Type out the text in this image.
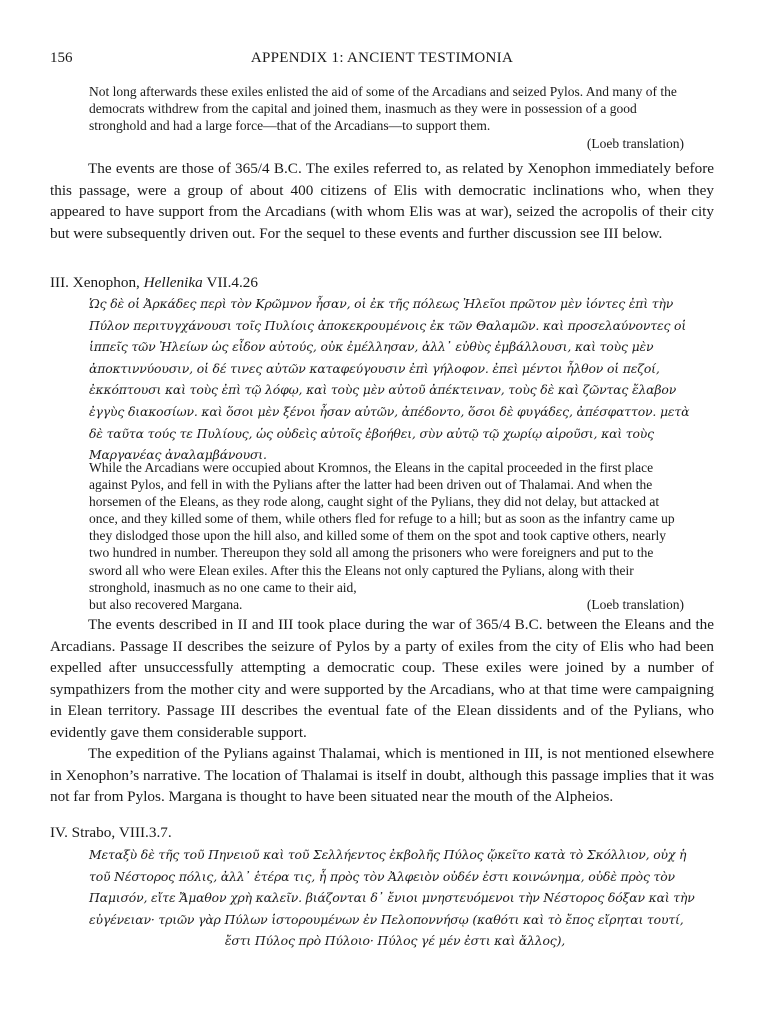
156	APPENDIX 1: ANCIENT TESTIMONIA
Not long afterwards these exiles enlisted the aid of some of the Arcadians and seized Pylos. And many of the democrats withdrew from the capital and joined them, inasmuch as they were in possession of a good stronghold and had a large force—that of the Arcadians—to support them.
(Loeb translation)

The events are those of 365/4 B.C. The exiles referred to, as related by Xenophon immediately before this passage, were a group of about 400 citizens of Elis with democratic inclinations who, when they appeared to have support from the Arcadians (with whom Elis was at war), seized the acropolis of their city but were subsequently driven out. For the sequel to these events and further discussion see III below.

III. Xenophon, Hellenika VII.4.26
Ὡς δὲ οἱ Ἀρκάδες περὶ τὸν Κρῶμνον ἦσαν, οἱ ἐκ τῆς πόλεως Ἠλεῖοι πρῶτον μὲν ἰόντες ἐπὶ τὴν Πύλον περιτυγχάνουσι τοῖς Πυλίοις ἀποκεκρουμένοις ἐκ τῶν Θαλαμῶν. καὶ προσελαύνοντες οἱ ἱππεῖς τῶν Ἠλείων ὡς εἶδον αὐτούς, οὐκ ἐμέλλησαν, ἀλλ᾽ εὐθὺς ἐμβάλλουσι, καὶ τοὺς μὲν ἀποκτιννύουσιν, οἱ δέ τινες αὐτῶν καταφεύγουσιν ἐπὶ γήλοφον. ἐπεὶ μέντοι ἦλθον οἱ πεζοί, ἐκκόπτουσι καὶ τοὺς ἐπὶ τῷ λόφῳ, καὶ τοὺς μὲν αὐτοῦ ἀπέκτειναν, τοὺς δὲ καὶ ζῶντας ἔλαβον ἐγγὺς διακοσίων. καὶ ὅσοι μὲν ξένοι ἦσαν αὐτῶν, ἀπέδοντο, ὅσοι δὲ φυγάδες, ἀπέσφαττον. μετὰ δὲ ταῦτα τούς τε Πυλίους, ὡς οὐδεὶς αὐτοῖς ἐβοήθει, σὺν αὐτῷ τῷ χωρίῳ αἱροῦσι, καὶ τοὺς Μαργανέας ἀναλαμβάνουσι.
While the Arcadians were occupied about Kromnos, the Eleans in the capital proceeded in the first place against Pylos, and fell in with the Pylians after the latter had been driven out of Thalamai. And when the horsemen of the Eleans, as they rode along, caught sight of the Pylians, they did not delay, but attacked at once, and they killed some of them, while others fled for refuge to a hill; but as soon as the infantry came up they dislodged those upon the hill also, and killed some of them on the spot and took captive others, nearly two hundred in number. Thereupon they sold all among the prisoners who were foreigners and put to the sword all who were Elean exiles. After this the Eleans not only captured the Pylians, along with their stronghold, inasmuch as no one came to their aid,
but also recovered Margana.	(Loeb translation)

The events described in II and III took place during the war of 365/4 B.C. between the Eleans and the Arcadians. Passage II describes the seizure of Pylos by a party of exiles from the city of Elis who had been expelled after unsuccessfully attempting a democratic coup. These exiles were joined by a number of sympathizers from the mother city and were supported by the Arcadians, who at that time were campaigning in Elean territory. Passage III describes the eventual fate of the Elean dissidents and of the Pylians, who evidently gave them considerable support.

The expedition of the Pylians against Thalamai, which is mentioned in III, is not mentioned elsewhere in Xenophon’s narrative. The location of Thalamai is itself in doubt, although this passage implies that it was not far from Pylos. Margana is thought to have been situated near the mouth of the Alpheios.

IV. Strabo, VIII.3.7.
Μεταξὺ δὲ τῆς τοῦ Πηνειοῦ καὶ τοῦ Σελλήεντος ἐκβολῆς Πύλος ᾤκεῖτο κατὰ τὸ Σκόλλιον, οὐχ ἡ τοῦ Νέστορος πόλις, ἀλλ᾽ ἑτέρα τις, ἧ πρὸς τὸν Ἀλφειὸν οὐδέν ἐστι κοινώνημα, οὐδὲ πρὸς τὸν Παμισόν, εἴτε Ἄμαθον χρὴ καλεῖν. βιάζονται δ᾽ ἔνιοι μνηστευόμενοι τὴν Νέστορος δόξαν καὶ τὴν εὐγένειαν· τριῶν γὰρ Πύλων ἱστορουμένων ἐν Πελοποννήσῳ (καθότι καὶ τὸ ἔπος εἴρηται τουτί,
ἔστι Πύλος πρὸ Πύλοιο· Πύλος γέ μέν ἐστι καὶ ἄλλος),
